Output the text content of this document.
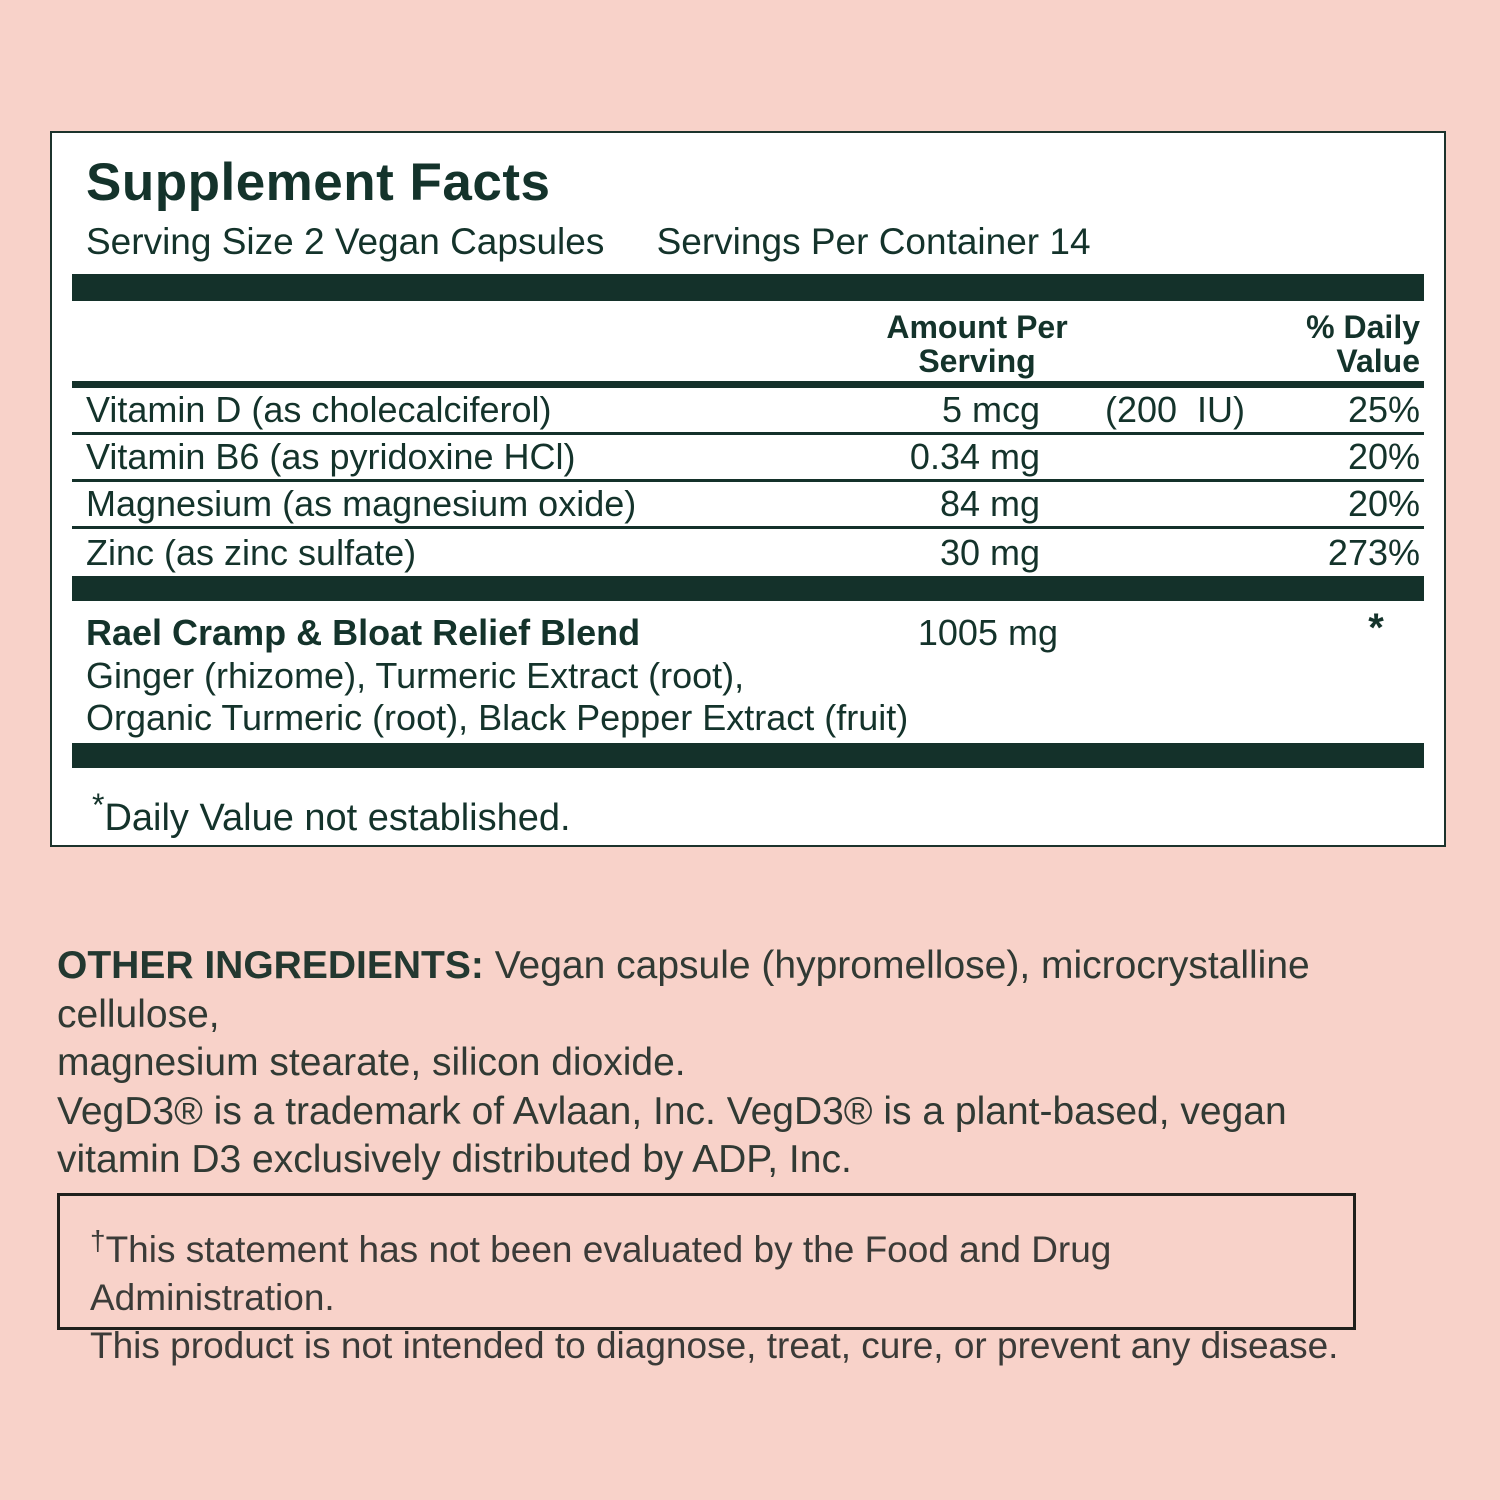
Supplement Facts
Serving Size 2 Vegan Capsules Servings Per Container 14
Amount Per
Serving
% Daily
Value
Vitamin D (as cholecalciferol)	5 mcg	(200  IU)	25%
Vitamin B6 (as pyridoxine HCl)	0.34 mg	20%
Magnesium (as magnesium oxide)	84 mg	20%
Zinc (as zinc sulfate)	30 mg	273%
Rael Cramp & Bloat Relief Blend	1005 mg	*
Ginger (rhizome), Turmeric Extract (root),
Organic Turmeric (root), Black Pepper Extract (fruit)
*Daily Value not established.
OTHER INGREDIENTS: Vegan capsule (hypromellose), microcrystalline cellulose,
magnesium stearate, silicon dioxide.
VegD3® is a trademark of Avlaan, Inc. VegD3® is a plant-based, vegan
vitamin D3 exclusively distributed by ADP, Inc.
†This statement has not been evaluated by the Food and Drug Administration.
This product is not intended to diagnose, treat, cure, or prevent any disease.
